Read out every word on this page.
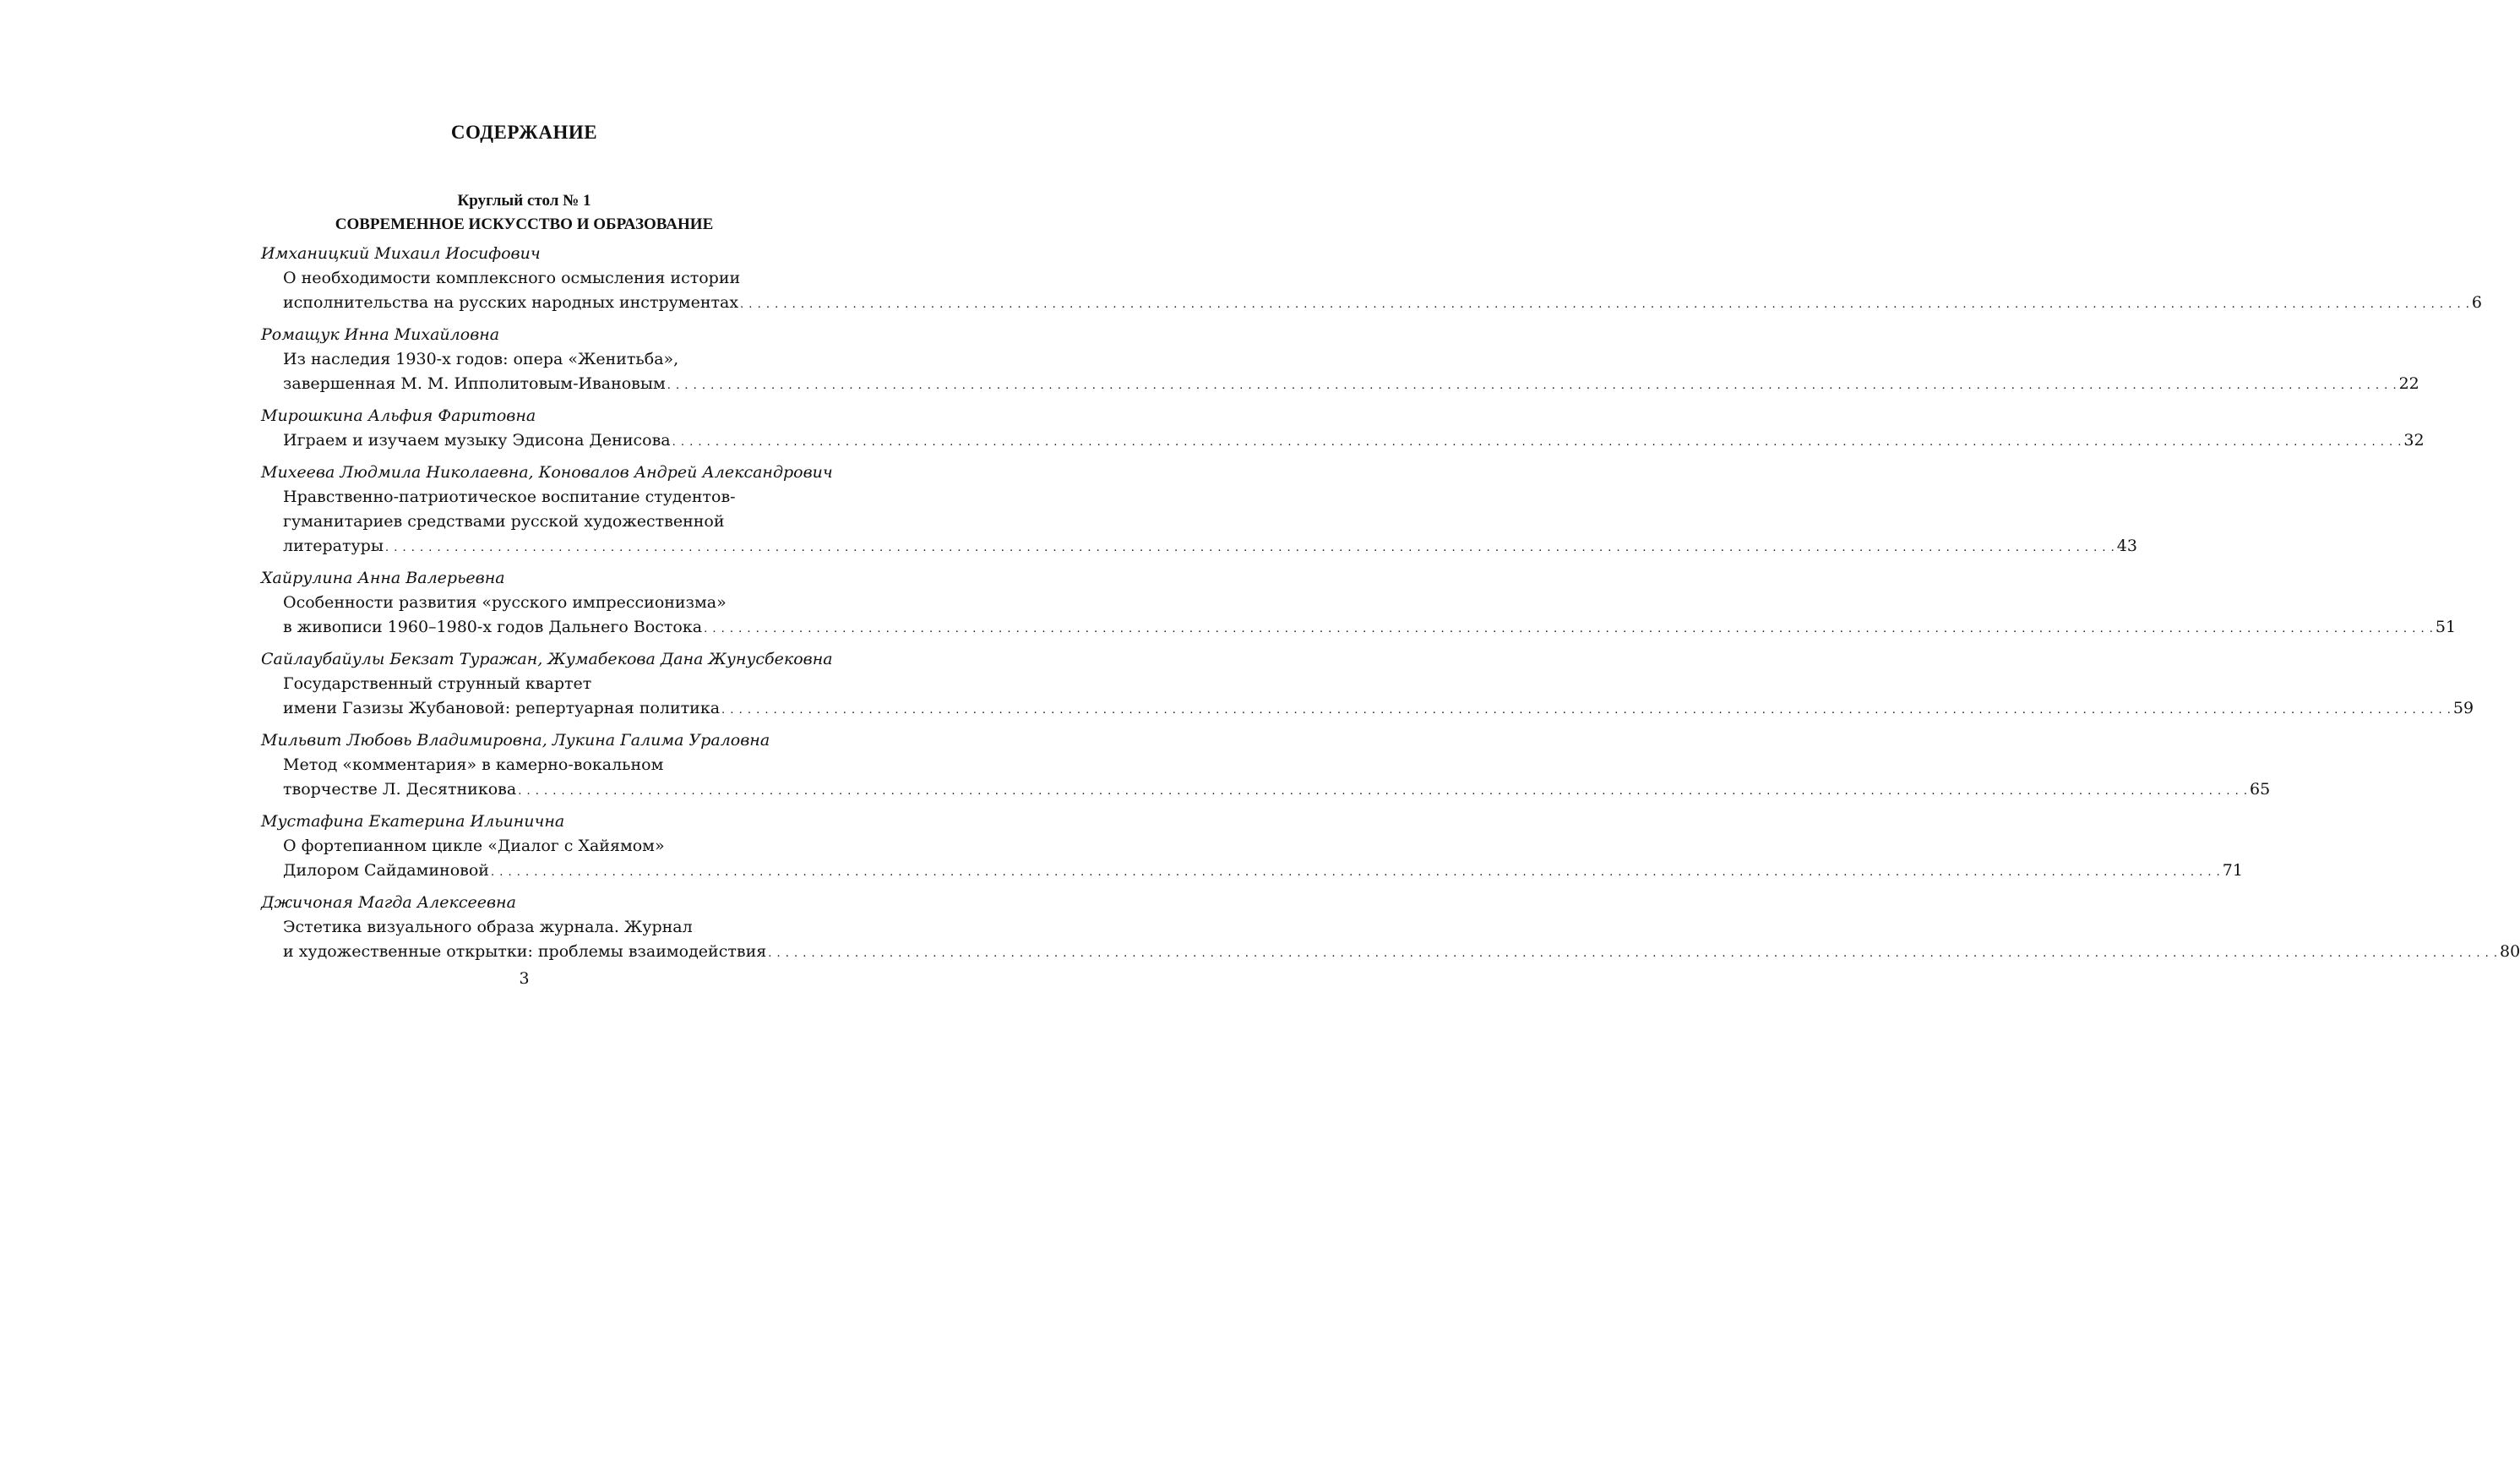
СОДЕРЖАНИЕ
Круглый стол № 1
СОВРЕМЕННОЕ ИСКУССТВО И ОБРАЗОВАНИЕ
Имханицкий Михаил Иосифович
О необходимости комплексного осмысления истории
исполнительства на русских народных инструментах . . . . . . . . . . . . . . . . . . . . . . . . . . . . . . . . . . . . . . . . . . . . . . . . . . . . . . . . . . . . . . . . . . . . . . . . . . . . . . . . . . . . . . . . . . . . . . . . . . . . . . . . . . . . . . . . . . . . . . . . . . . . . . . . . . . . . . . . . . . . . . . . . . . . . . . . . . . . . . . . . . . . . . . . . . . . . . . . . . . . . . . . . . . . . . . . . . . . . . . . 6
Ромащук Инна Михайловна
Из наследия 1930-х годов: опера «Женитьба»,
завершенная М. М. Ипполитовым-Ивановым . . . . . . . . . . . . . . . . . . . . . . . . . . . . . . . . . . . . . . . . . . . . . . . . . . . . . . . . . . . . . . . . . . . . . . . . . . . . . . . . . . . . . . . . . . . . . . . . . . . . . . . . . . . . . . . . . . . . . . . . . . . . . . . . . . . . . . . . . . . . . . . . . . . . . . . . . . . . . . . . . . . . . . . . . . . . . . . . . . . . . . . . . . . . . . . . . . . . . . . . 22
Мирошкина Альфия Фаритовна
Играем и изучаем музыку Эдисона Денисова . . . . . . . . . . . . . . . . . . . . . . . . . . . . . . . . . . . . . . . . . . . . . . . . . . . . . . . . . . . . . . . . . . . . . . . . . . . . . . . . . . . . . . . . . . . . . . . . . . . . . . . . . . . . . . . . . . . . . . . . . . . . . . . . . . . . . . . . . . . . . . . . . . . . . . . . . . . . . . . . . . . . . . . . . . . . . . . . . . . . . . . . . . . . . . . . . . . . . . . . 32
Михеева Людмила Николаевна, Коновалов Андрей Александрович
Нравственно-патриотическое воспитание студентов-
гуманитариев средствами русской художественной
литературы . . . . . . . . . . . . . . . . . . . . . . . . . . . . . . . . . . . . . . . . . . . . . . . . . . . . . . . . . . . . . . . . . . . . . . . . . . . . . . . . . . . . . . . . . . . . . . . . . . . . . . . . . . . . . . . . . . . . . . . . . . . . . . . . . . . . . . . . . . . . . . . . . . . . . . . . . . . . . . . . . . . . . . . . . . . . . . . . . . . . . . . . . . . . . . . . . . . . . . . . 43
Хайрулина Анна Валерьевна
Особенности развития «русского импрессионизма»
в живописи 1960–1980-х годов Дальнего Востока . . . . . . . . . . . . . . . . . . . . . . . . . . . . . . . . . . . . . . . . . . . . . . . . . . . . . . . . . . . . . . . . . . . . . . . . . . . . . . . . . . . . . . . . . . . . . . . . . . . . . . . . . . . . . . . . . . . . . . . . . . . . . . . . . . . . . . . . . . . . . . . . . . . . . . . . . . . . . . . . . . . . . . . . . . . . . . . . . . . . . . . . . . . . . . . . . . . . . . . . 51
Сайлаубайулы Бекзат Туражан, Жумабекова Дана Жунусбековна
Государственный струнный квартет
имени Газизы Жубановой: репертуарная политика . . . . . . . . . . . . . . . . . . . . . . . . . . . . . . . . . . . . . . . . . . . . . . . . . . . . . . . . . . . . . . . . . . . . . . . . . . . . . . . . . . . . . . . . . . . . . . . . . . . . . . . . . . . . . . . . . . . . . . . . . . . . . . . . . . . . . . . . . . . . . . . . . . . . . . . . . . . . . . . . . . . . . . . . . . . . . . . . . . . . . . . . . . . . . . . . . . . . . . . . 59
Мильвит Любовь Владимировна, Лукина Галима Ураловна
Метод «комментария» в камерно-вокальном
творчестве Л. Десятникова . . . . . . . . . . . . . . . . . . . . . . . . . . . . . . . . . . . . . . . . . . . . . . . . . . . . . . . . . . . . . . . . . . . . . . . . . . . . . . . . . . . . . . . . . . . . . . . . . . . . . . . . . . . . . . . . . . . . . . . . . . . . . . . . . . . . . . . . . . . . . . . . . . . . . . . . . . . . . . . . . . . . . . . . . . . . . . . . . . . . . . . . . . . . . . . . . . . . . . . . 65
Мустафина Екатерина Ильинична
О фортепианном цикле «Диалог с Хайямом»
Дилором Сайдаминовой . . . . . . . . . . . . . . . . . . . . . . . . . . . . . . . . . . . . . . . . . . . . . . . . . . . . . . . . . . . . . . . . . . . . . . . . . . . . . . . . . . . . . . . . . . . . . . . . . . . . . . . . . . . . . . . . . . . . . . . . . . . . . . . . . . . . . . . . . . . . . . . . . . . . . . . . . . . . . . . . . . . . . . . . . . . . . . . . . . . . . . . . . . . . . . . . . . . . . . . . 71
Джичоная Магда Алексеевна
Эстетика визуального образа журнала. Журнал
и художественные открытки: проблемы взаимодействия . . . . . . . . . . . . . . . . . . . . . . . . . . . . . . . . . . . . . . . . . . . . . . . . . . . . . . . . . . . . . . . . . . . . . . . . . . . . . . . . . . . . . . . . . . . . . . . . . . . . . . . . . . . . . . . . . . . . . . . . . . . . . . . . . . . . . . . . . . . . . . . . . . . . . . . . . . . . . . . . . . . . . . . . . . . . . . . . . . . . . . . . . . . . . . . . . . . . . . . . 80
3
